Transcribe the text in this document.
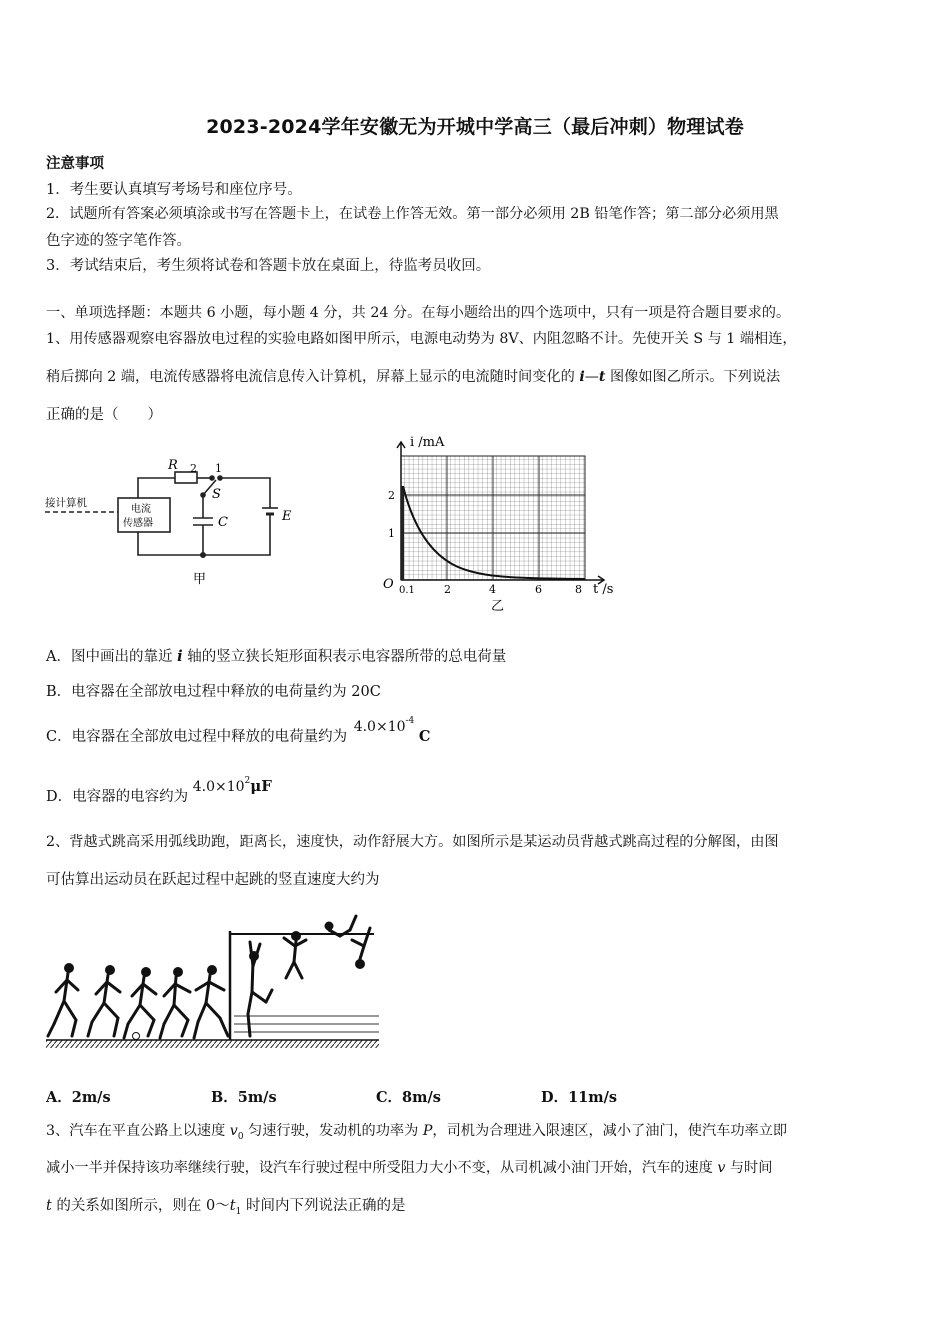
2023-2024学年安徽无为开城中学高三（最后冲刺）物理试卷
注意事项
1．考生要认真填写考场号和座位序号。
2．试题所有答案必须填涂或书写在答题卡上，在试卷上作答无效。第一部分必须用 2B 铅笔作答；第二部分必须用黑
色字迹的签字笔作答。
3．考试结束后，考生须将试卷和答题卡放在桌面上，待监考员收回。
一、单项选择题：本题共 6 小题，每小题 4 分，共 24 分。在每小题给出的四个选项中，只有一项是符合题目要求的。
1、用传感器观察电容器放电过程的实验电路如图甲所示，电源电动势为 8V、内阻忽略不计。先使开关 S 与 1 端相连，
稍后掷向 2 端，电流传感器将电流信息传入计算机，屏幕上显示的电流随时间变化的 i—t 图像如图乙所示。下列说法
正确的是（　　）
接计算机
电流
传感器
R 2 1
S
C	E
甲
i /mA
t /s
O
2
1
0.1	2	4	6	8
乙
A．图中画出的靠近 i 轴的竖立狭长矩形面积表示电容器所带的总电荷量
B．电容器在全部放电过程中释放的电荷量约为 20C
C．电容器在全部放电过程中释放的电荷量约为 $4.0\times 10^{-4}$ C
D．电容器的电容约为 $4.0\times 10^2\mu F$
2、背越式跳高采用弧线助跑，距离长，速度快，动作舒展大方。如图所示是某运动员背越式跳高过程的分解图，由图
可估算出运动员在跃起过程中起跳的竖直速度大约为
A．2m/s	B．5m/s	C．8m/s	D．11m/s
3、汽车在平直公路上以速度 $v_0$ 匀速行驶，发动机的功率为 P，司机为合理进入限速区，减小了油门，使汽车功率立即
减小一半并保持该功率继续行驶，设汽车行驶过程中所受阻力大小不变，从司机减小油门开始，汽车的速度 v 与时间
t 的关系如图所示，则在 $0\sim t_1$ 时间内下列说法正确的是
